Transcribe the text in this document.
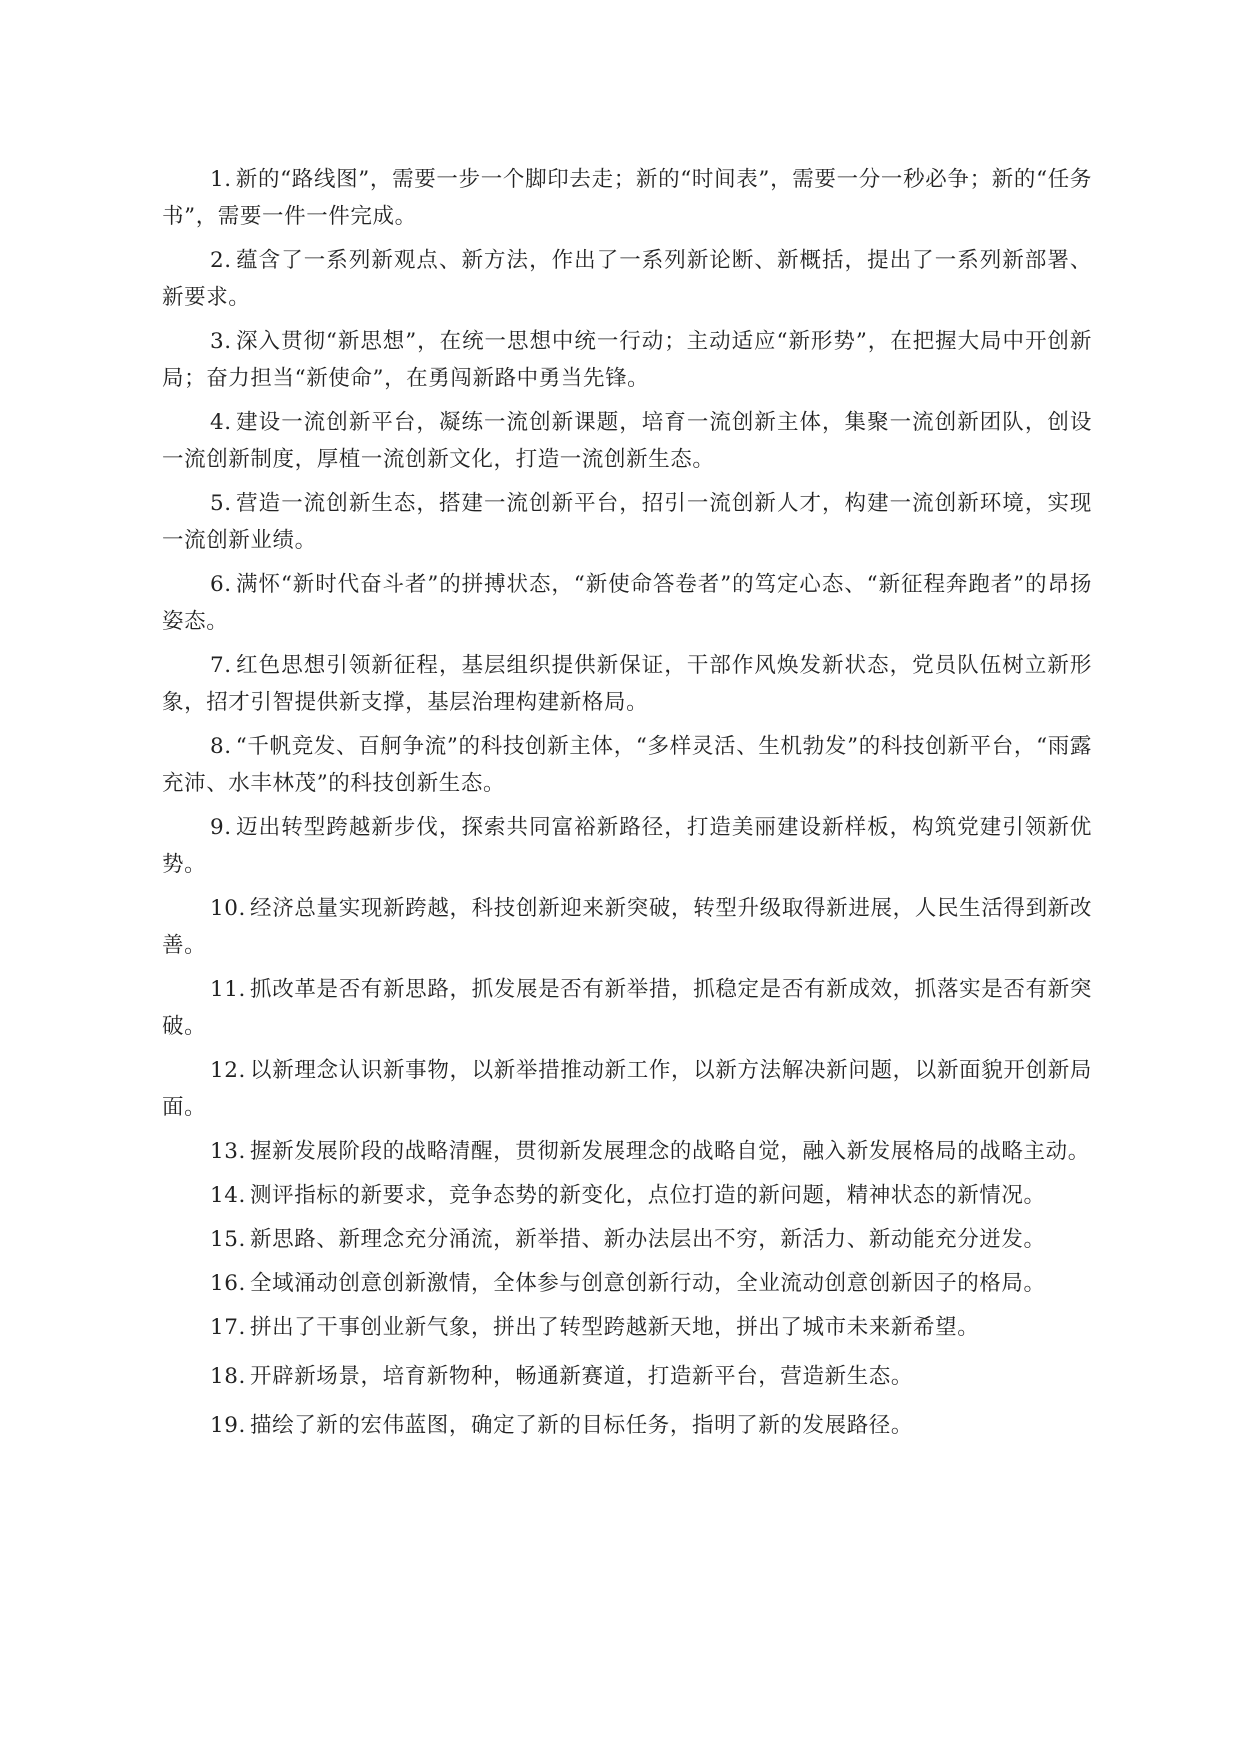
1. 新的“路线图”，需要一步一个脚印去走；新的“时间表”，需要一分一秒必争；新的“任务书”，需要一件一件完成。

2. 蕴含了一系列新观点、新方法，作出了一系列新论断、新概括，提出了一系列新部署、新要求。

3. 深入贯彻“新思想”，在统一思想中统一行动；主动适应“新形势”，在把握大局中开创新局；奋力担当“新使命”，在勇闯新路中勇当先锋。

4. 建设一流创新平台，凝练一流创新课题，培育一流创新主体，集聚一流创新团队，创设一流创新制度，厚植一流创新文化，打造一流创新生态。

5. 营造一流创新生态，搭建一流创新平台，招引一流创新人才，构建一流创新环境，实现一流创新业绩。

6. 满怀“新时代奋斗者”的拼搏状态，“新使命答卷者”的笃定心态、“新征程奔跑者”的昂扬姿态。

7. 红色思想引领新征程，基层组织提供新保证，干部作风焕发新状态，党员队伍树立新形象，招才引智提供新支撑，基层治理构建新格局。

8. “千帆竞发、百舸争流”的科技创新主体，“多样灵活、生机勃发”的科技创新平台，“雨露充沛、水丰林茂”的科技创新生态。

9. 迈出转型跨越新步伐，探索共同富裕新路径，打造美丽建设新样板，构筑党建引领新优势。

10. 经济总量实现新跨越，科技创新迎来新突破，转型升级取得新进展，人民生活得到新改善。

11. 抓改革是否有新思路，抓发展是否有新举措，抓稳定是否有新成效，抓落实是否有新突破。

12. 以新理念认识新事物，以新举措推动新工作，以新方法解决新问题，以新面貌开创新局面。

13. 握新发展阶段的战略清醒，贯彻新发展理念的战略自觉，融入新发展格局的战略主动。

14. 测评指标的新要求，竞争态势的新变化，点位打造的新问题，精神状态的新情况。

15. 新思路、新理念充分涌流，新举措、新办法层出不穷，新活力、新动能充分迸发。

16. 全域涌动创意创新激情，全体参与创意创新行动，全业流动创意创新因子的格局。

17. 拼出了干事创业新气象，拼出了转型跨越新天地，拼出了城市未来新希望。

18. 开辟新场景，培育新物种，畅通新赛道，打造新平台，营造新生态。

19. 描绘了新的宏伟蓝图，确定了新的目标任务，指明了新的发展路径。
